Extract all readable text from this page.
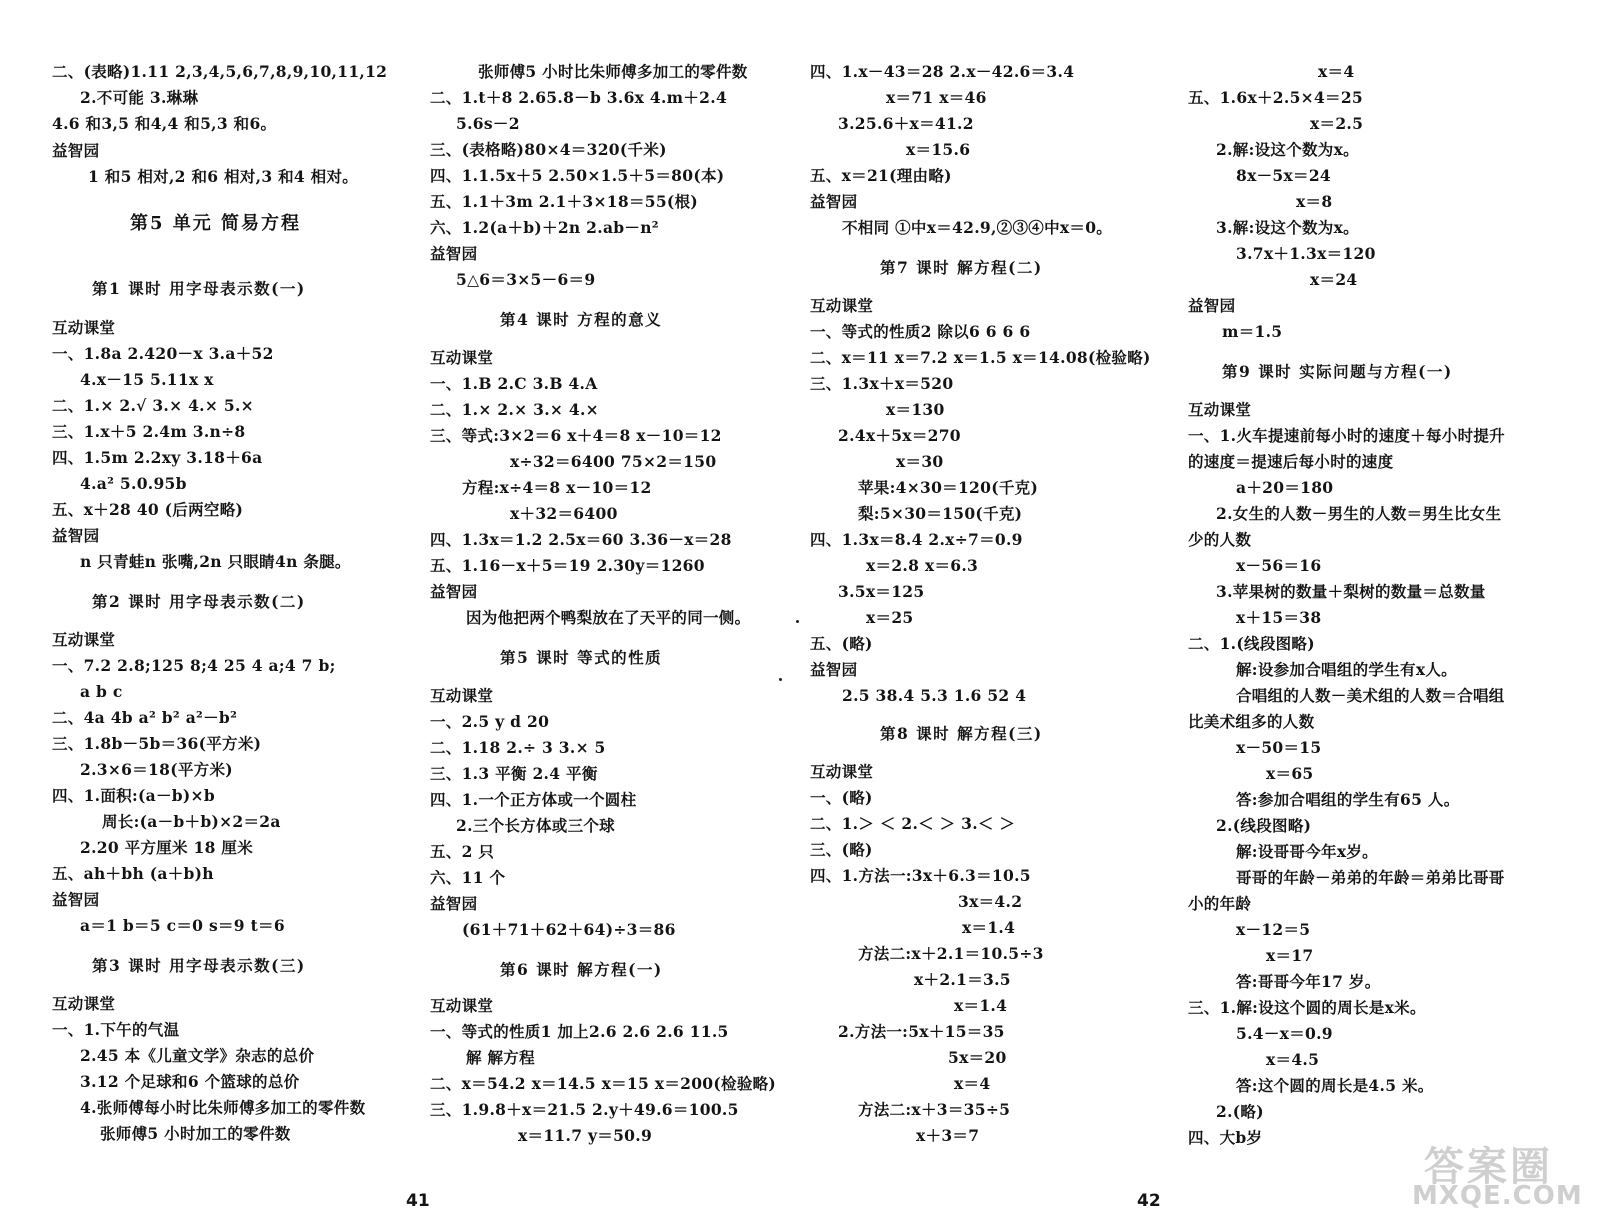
二、(表略)1.11 2,3,4,5,6,7,8,9,10,11,12
2.不可能 3.琳琳
4.6 和3,5 和4,4 和5,3 和6。
益智园
1 和5 相对,2 和6 相对,3 和4 相对。
第5 单元 简易方程
第1 课时 用字母表示数(一)
互动课堂
一、1.8a 2.420－x 3.a＋52
4.x－15 5.11x x
二、1.× 2.√ 3.× 4.× 5.×
三、1.x＋5 2.4m 3.n÷8
四、1.5m 2.2xy 3.18＋6a
4.a² 5.0.95b
五、x＋28 40 (后两空略)
益智园
n 只青蛙n 张嘴,2n 只眼睛4n 条腿。
第2 课时 用字母表示数(二)
互动课堂
一、7.2 2.8;125 8;4 25 4 a;4 7 b;
a b c
二、4a 4b a² b² a²－b²
三、1.8b－5b＝36(平方米)
2.3×6＝18(平方米)
四、1.面积:(a－b)×b
周长:(a－b＋b)×2＝2a
2.20 平方厘米 18 厘米
五、ah＋bh (a＋b)h
益智园
a＝1 b＝5 c＝0 s＝9 t＝6
第3 课时 用字母表示数(三)
互动课堂
一、1.下午的气温
2.45 本《儿童文学》杂志的总价
3.12 个足球和6 个篮球的总价
4.张师傅每小时比朱师傅多加工的零件数
张师傅5 小时加工的零件数
张师傅5 小时比朱师傅多加工的零件数
二、1.t＋8 2.65.8－b 3.6x 4.m＋2.4
5.6s－2
三、(表格略)80×4＝320(千米)
四、1.1.5x＋5 2.50×1.5＋5＝80(本)
五、1.1＋3m 2.1＋3×18＝55(根)
六、1.2(a＋b)＋2n 2.ab－n²
益智园
5△6＝3×5－6＝9
第4 课时 方程的意义
互动课堂
一、1.B 2.C 3.B 4.A
二、1.× 2.× 3.× 4.×
三、等式:3×2＝6 x＋4＝8 x－10＝12
x÷32＝6400 75×2＝150
方程:x÷4＝8 x－10＝12
x＋32＝6400
四、1.3x＝1.2 2.5x＝60 3.36－x＝28
五、1.16－x＋5＝19 2.30y＝1260
益智园
因为他把两个鸭梨放在了天平的同一侧。
第5 课时 等式的性质
互动课堂
一、2.5 y d 20
二、1.18 2.÷ 3 3.× 5
三、1.3 平衡 2.4 平衡
四、1.一个正方体或一个圆柱
2.三个长方体或三个球
五、2 只
六、11 个
益智园
(61＋71＋62＋64)÷3＝86
第6 课时 解方程(一)
互动课堂
一、等式的性质1 加上2.6 2.6 2.6 11.5
解 解方程
二、x＝54.2 x＝14.5 x＝15 x＝200(检验略)
三、1.9.8＋x＝21.5 2.y＋49.6＝100.5
x＝11.7 y＝50.9
四、1.x－43＝28 2.x－42.6＝3.4
x＝71 x＝46
3.25.6＋x＝41.2
x＝15.6
五、x＝21(理由略)
益智园
不相同 ①中x＝42.9,②③④中x＝0。
第7 课时 解方程(二)
互动课堂
一、等式的性质2 除以6 6 6 6
二、x＝11 x＝7.2 x＝1.5 x＝14.08(检验略)
三、1.3x＋x＝520
x＝130
2.4x＋5x＝270
x＝30
苹果:4×30＝120(千克)
梨:5×30＝150(千克)
四、1.3x＝8.4 2.x÷7＝0.9
x＝2.8 x＝6.3
3.5x＝125
x＝25
五、(略)
益智园
2.5 38.4 5.3 1.6 52 4
第8 课时 解方程(三)
互动课堂
一、(略)
二、1.＞ ＜ 2.＜ ＞ 3.＜ ＞
三、(略)
四、1.方法一:3x＋6.3＝10.5
3x＝4.2
x＝1.4
方法二:x＋2.1＝10.5÷3
x＋2.1＝3.5
x＝1.4
2.方法一:5x＋15＝35
5x＝20
x＝4
方法二:x＋3＝35÷5
x＋3＝7
x＝4
五、1.6x＋2.5×4＝25
x＝2.5
2.解:设这个数为x。
8x－5x＝24
x＝8
3.解:设这个数为x。
3.7x＋1.3x＝120
x＝24
益智园
m＝1.5
第9 课时 实际问题与方程(一)
互动课堂
一、1.火车提速前每小时的速度＋每小时提升
的速度＝提速后每小时的速度
a＋20＝180
2.女生的人数－男生的人数＝男生比女生
少的人数
x－56＝16
3.苹果树的数量＋梨树的数量＝总数量
x＋15＝38
二、1.(线段图略)
解:设参加合唱组的学生有x人。
合唱组的人数－美术组的人数＝合唱组
比美术组多的人数
x－50＝15
x＝65
答:参加合唱组的学生有65 人。
2.(线段图略)
解:设哥哥今年x岁。
哥哥的年龄－弟弟的年龄＝弟弟比哥哥
小的年龄
x－12＝5
x＝17
答:哥哥今年17 岁。
三、1.解:设这个圆的周长是x米。
5.4－x＝0.9
x＝4.5
答:这个圆的周长是4.5 米。
2.(略)
四、大b岁
41	42
答案圈
MXQE.COM
